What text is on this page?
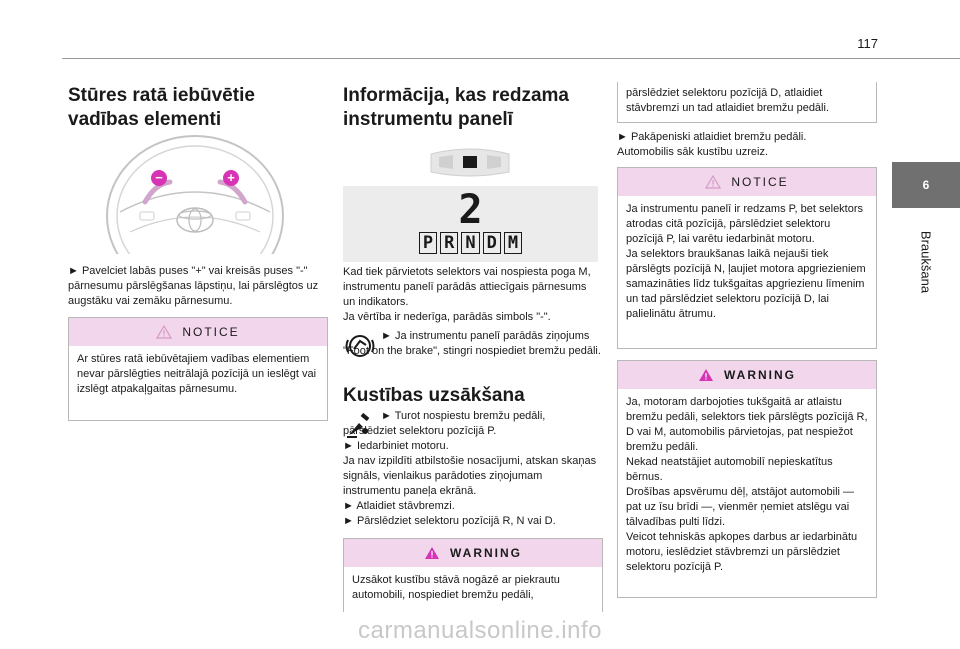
117
6
Braukšana
Stūres ratā iebūvētie vadības elementi
−	+

► Pavelciet labās puses "+" vai kreisās puses "-" pārnesumu pārslēgšanas lāpstiņu, lai pārslēgtos uz augstāku vai zemāku pārnesumu.

NOTICE
Ar stūres ratā iebūvētajiem vadības elementiem nevar pārslēgties neitrālajā pozīcijā un ieslēgt vai izslēgt atpakaļgaitas pārnesumu.
Informācija, kas redzama instrumentu panelī
2
P R N D M

Kad tiek pārvietots selektors vai nospiesta poga M, instrumentu panelī parādās attiecīgais pārnesums un indikators.

Ja vērtība ir nederīga, parādās simbols "-".

► Ja instrumentu panelī parādās ziņojums "Foot on the brake", stingri nospiediet bremžu pedāli.

Kustības uzsākšana

► Turot nospiestu bremžu pedāli, pārslēdziet selektoru pozīcijā P.

► Iedarbiniet motoru.

Ja nav izpildīti atbilstošie nosacījumi, atskan skaņas signāls, vienlaikus parādoties ziņojumam instrumentu paneļa ekrānā.

► Atlaidiet stāvbremzi.

► Pārslēdziet selektoru pozīcijā R, N vai D.

WARNING
Uzsākot kustību stāvā nogāzē ar piekrautu automobili, nospiediet bremžu pedāli,
pārslēdziet selektoru pozīcijā D, atlaidiet stāvbremzi un tad atlaidiet bremžu pedāli.

► Pakāpeniski atlaidiet bremžu pedāli.

Automobilis sāk kustību uzreiz.

NOTICE
Ja instrumentu panelī ir redzams P, bet selektors atrodas citā pozīcijā, pārslēdziet selektoru pozīcijā P, lai varētu iedarbināt motoru.
Ja selektors braukšanas laikā nejauši tiek pārslēgts pozīcijā N, ļaujiet motora apgriezieniem samazināties līdz tukšgaitas apgriezienu līmenim un tad pārslēdziet selektoru pozīcijā D, lai palielinātu ātrumu.
WARNING
Ja, motoram darbojoties tukšgaitā ar atlaistu bremžu pedāli, selektors tiek pārslēgts pozīcijā R, D vai M, automobilis pārvietojas, pat nespiežot bremžu pedāli.
Nekad neatstājiet automobilī nepieskatītus bērnus.
Drošības apsvērumu dēļ, atstājot automobili — pat uz īsu brīdi —, vienmēr ņemiet atslēgu vai tālvadības pulti līdzi.
Veicot tehniskās apkopes darbus ar iedarbinātu motoru, ieslēdziet stāvbremzi un pārslēdziet selektoru pozīcijā P.
carmanualsonline.info
